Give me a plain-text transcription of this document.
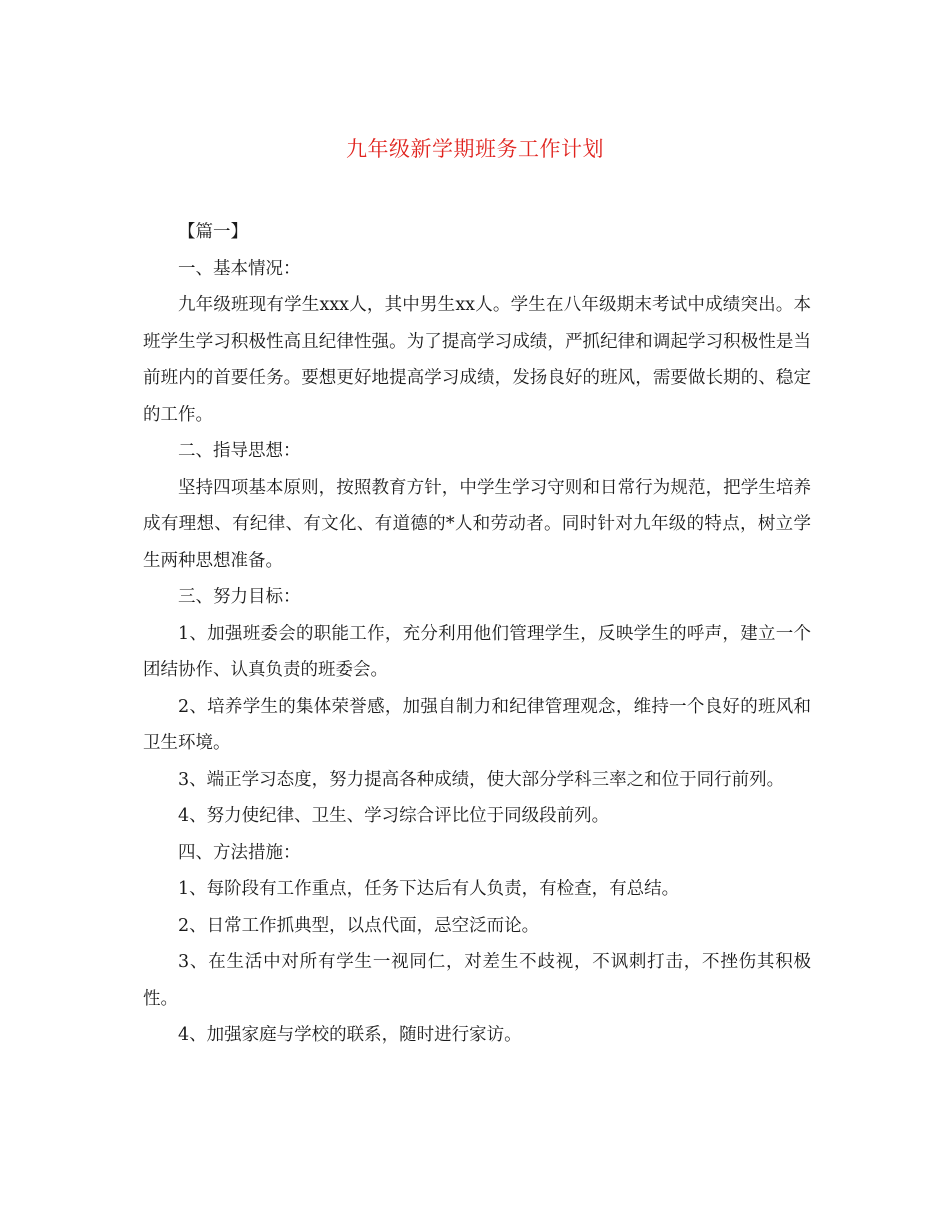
九年级新学期班务工作计划

【篇一】

一、基本情况：

九年级班现有学生xxx人，其中男生xx人。学生在八年级期末考试中成绩突出。本班学生学习积极性高且纪律性强。为了提高学习成绩，严抓纪律和调起学习积极性是当前班内的首要任务。要想更好地提高学习成绩，发扬良好的班风，需要做长期的、稳定的工作。

二、指导思想：

坚持四项基本原则，按照教育方针，中学生学习守则和日常行为规范，把学生培养成有理想、有纪律、有文化、有道德的*人和劳动者。同时针对九年级的特点，树立学生两种思想准备。

三、努力目标：

1、加强班委会的职能工作，充分利用他们管理学生，反映学生的呼声，建立一个团结协作、认真负责的班委会。

2、培养学生的集体荣誉感，加强自制力和纪律管理观念，维持一个良好的班风和卫生环境。

3、端正学习态度，努力提高各种成绩，使大部分学科三率之和位于同行前列。

4、努力使纪律、卫生、学习综合评比位于同级段前列。

四、方法措施：

1、每阶段有工作重点，任务下达后有人负责，有检查，有总结。

2、日常工作抓典型，以点代面，忌空泛而论。

3、在生活中对所有学生一视同仁，对差生不歧视，不讽刺打击，不挫伤其积极性。

4、加强家庭与学校的联系，随时进行家访。
